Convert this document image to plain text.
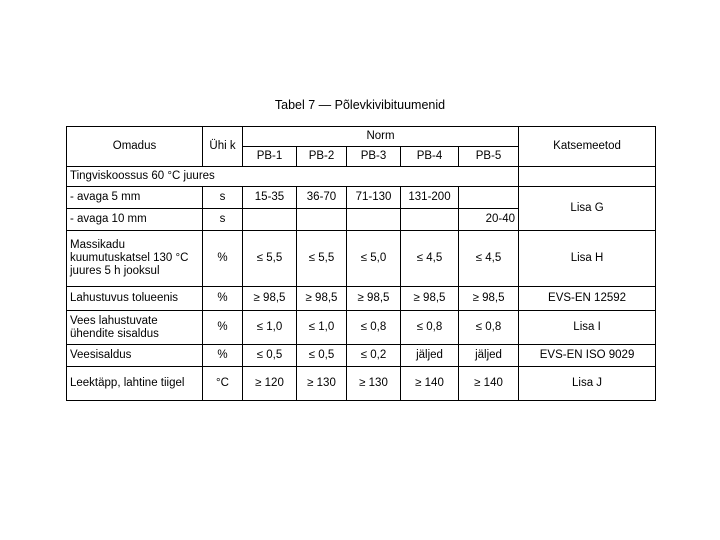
Tabel 7 — Põlevkivibituumenid
Omadus	Ühi k	Norm					Katsemeetod
		PB-1	PB-2	PB-3	PB-4	PB-5	
Tingviskoossus 60 °C juures							
- avaga 5 mm	s	15-35	36-70	71-130	131-200		Lisa G
- avaga 10 mm	s					20-40	
Massikadu kuumutuskatsel 130 °C juures 5 h jooksul	%	≤ 5,5	≤ 5,5	≤ 5,0	≤ 4,5	≤ 4,5	Lisa H
Lahustuvus tolueenis	%	≥ 98,5	≥ 98,5	≥ 98,5	≥ 98,5	≥ 98,5	EVS-EN 12592
Vees lahustuvate ühendite sisaldus	%	≤ 1,0	≤ 1,0	≤ 0,8	≤ 0,8	≤ 0,8	Lisa I
Veesisaldus	%	≤ 0,5	≤ 0,5	≤ 0,2	jäljed	jäljed	EVS-EN ISO 9029
Leektäpp, lahtine tiigel	°C	≥ 120	≥ 130	≥ 130	≥ 140	≥ 140	Lisa J
